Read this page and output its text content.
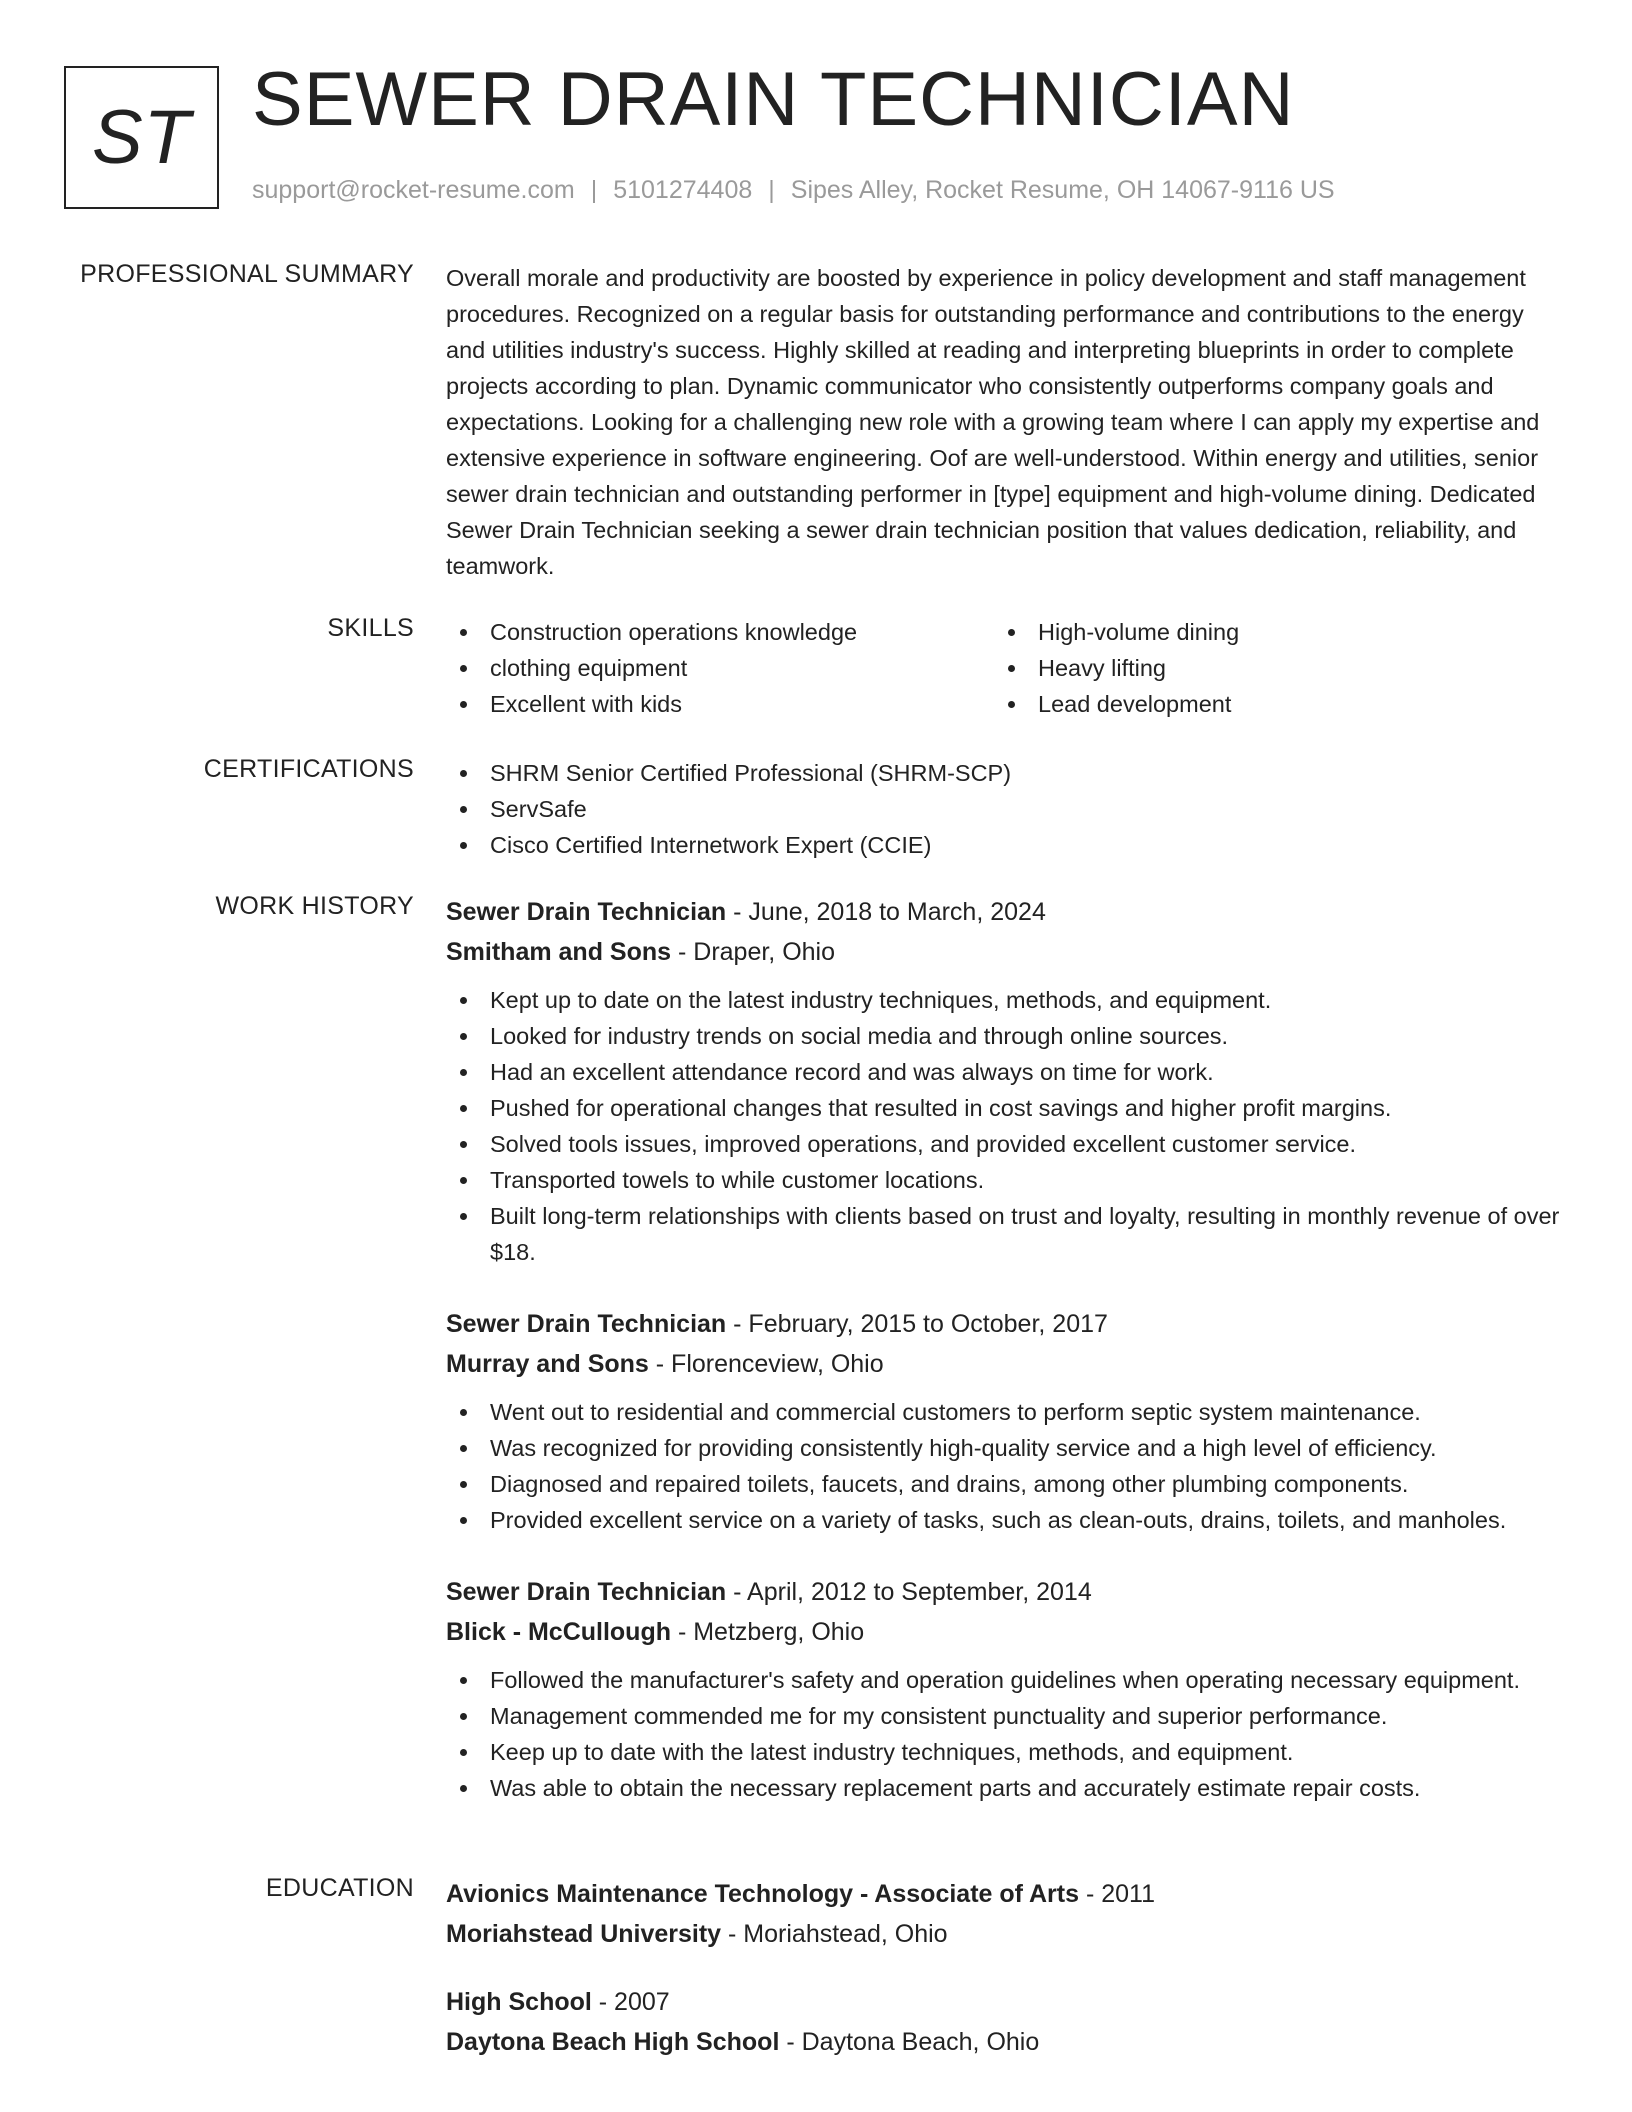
ST SEWER DRAIN TECHNICIAN
support@rocket-resume.com | 5101274408 | Sipes Alley, Rocket Resume, OH 14067-9116 US
PROFESSIONAL SUMMARY Overall morale and productivity are boosted by experience in policy development and staff management procedures. Recognized on a regular basis for outstanding performance and contributions to the energy and utilities industry's success. Highly skilled at reading and interpreting blueprints in order to complete projects according to plan. Dynamic communicator who consistently outperforms company goals and expectations. Looking for a challenging new role with a growing team where I can apply my expertise and extensive experience in software engineering. Oof are well-understood. Within energy and utilities, senior sewer drain technician and outstanding performer in [type] equipment and high-volume dining. Dedicated Sewer Drain Technician seeking a sewer drain technician position that values dedication, reliability, and teamwork.

SKILLS	Construction operations knowledge
clothing equipment
Excellent with kids
High-volume dining
Heavy lifting
Lead development
CERTIFICATIONS	SHRM Senior Certified Professional (SHRM-SCP)
ServSafe
Cisco Certified Internetwork Expert (CCIE)
WORK HISTORY Sewer Drain Technician - June, 2018 to March, 2024
Smitham and Sons - Draper, Ohio
Kept up to date on the latest industry techniques, methods, and equipment.
Looked for industry trends on social media and through online sources.
Had an excellent attendance record and was always on time for work.
Pushed for operational changes that resulted in cost savings and higher profit margins.
Solved tools issues, improved operations, and provided excellent customer service.
Transported towels to while customer locations.
Built long-term relationships with clients based on trust and loyalty, resulting in monthly revenue of over $18.
Sewer Drain Technician - February, 2015 to October, 2017
Murray and Sons - Florenceview, Ohio
Went out to residential and commercial customers to perform septic system maintenance.
Was recognized for providing consistently high-quality service and a high level of efficiency.
Diagnosed and repaired toilets, faucets, and drains, among other plumbing components.
Provided excellent service on a variety of tasks, such as clean-outs, drains, toilets, and manholes.
Sewer Drain Technician - April, 2012 to September, 2014
Blick - McCullough - Metzberg, Ohio
Followed the manufacturer's safety and operation guidelines when operating necessary equipment.
Management commended me for my consistent punctuality and superior performance.
Keep up to date with the latest industry techniques, methods, and equipment.
Was able to obtain the necessary replacement parts and accurately estimate repair costs.
EDUCATION Avionics Maintenance Technology - Associate of Arts - 2011
Moriahstead University - Moriahstead, Ohio
High School - 2007
Daytona Beach High School - Daytona Beach, Ohio
